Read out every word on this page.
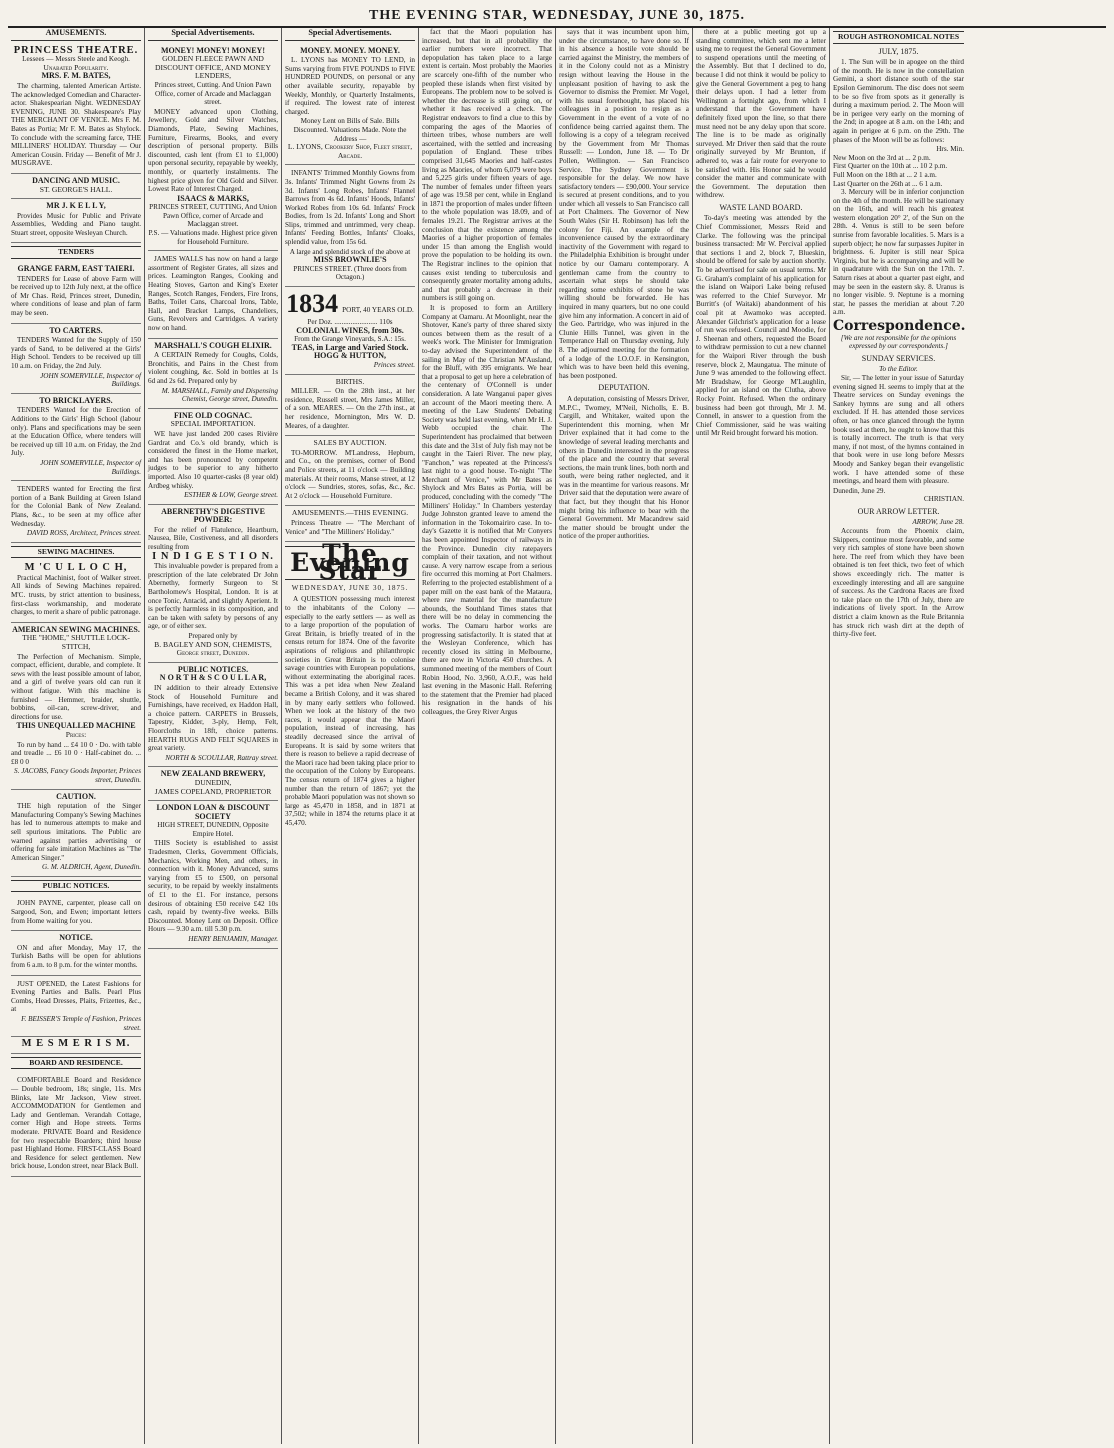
THE EVENING STAR, WEDNESDAY, JUNE 30, 1875.
AMUSEMENTS.
PRINCESS THEATRE.
Lessees — Messrs Steele and Keogh.
Unabated Popularity.
MRS. F. M. BATES,

The charming, talented American Artiste. The acknowledged Comedian and Character-actor. Shakespearian Night. WEDNESDAY EVENING, JUNE 30. Shakespeare's Play THE MERCHANT OF VENICE. Mrs F. M. Bates as Portia; Mr F. M. Bates as Shylock. To conclude with the screaming farce, THE MILLINERS' HOLIDAY. Thursday — Our American Cousin. Friday — Benefit of Mr J. MUSGRAVE.

DANCING AND MUSIC.
ST. GEORGE'S HALL.
MR J. K E L L Y,

Provides Music for Public and Private Assemblies, Wedding and Piano taught. Stuart street, opposite Wesleyan Church.

TENDERS
GRANGE FARM, EAST TAIERI.

TENDERS for Lease of above Farm will be received up to 12th July next, at the office of Mr Chas. Reid, Princes street, Dunedin, where conditions of lease and plan of farm may be seen.

TO CARTERS.

TENDERS Wanted for the Supply of 150 yards of Sand, to be delivered at the Girls' High School. Tenders to be received up till 10 a.m. on Friday, the 2nd July.

JOHN SOMERVILLE, Inspector of Buildings.
TO BRICKLAYERS.

TENDERS Wanted for the Erection of Additions to the Girls' High School (labour only). Plans and specifications may be seen at the Education Office, where tenders will be received up till 10 a.m. on Friday, the 2nd July.

JOHN SOMERVILLE, Inspector of Buildings.

TENDERS wanted for Erecting the first portion of a Bank Building at Green Island for the Colonial Bank of New Zealand. Plans, &c., to be seen at my office after Wednesday.

DAVID ROSS, Architect, Princes street.
SEWING MACHINES.
M 'C U L L O C H,

Practical Machinist, foot of Walker street. All kinds of Sewing Machines repaired. M'C. trusts, by strict attention to business, first-class workmanship, and moderate charges, to merit a share of public patronage.

AMERICAN SEWING MACHINES.
THE "HOME," SHUTTLE LOCK-STITCH,

The Perfection of Mechanism. Simple, compact, efficient, durable, and complete. It sews with the least possible amount of labor, and a girl of twelve years old can run it without fatigue. With this machine is furnished — Hemmer, braider, shuttle, bobbins, oil-can, screw-driver, and directions for use.

THIS UNEQUALLED MACHINE
Prices:

To run by hand ... £4 10 0 · Do. with table and treadle ... £6 10 0 · Half-cabinet do. ... £8 0 0

S. JACOBS, Fancy Goods Importer, Princes street, Dunedin.
CAUTION.

THE high reputation of the Singer Manufacturing Company's Sewing Machines has led to numerous attempts to make and sell spurious imitations. The Public are warned against parties advertising or offering for sale imitation Machines as "The American Singer."

G. M. ALDRICH, Agent, Dunedin.
PUBLIC NOTICES.

JOHN PAYNE, carpenter, please call on Sargood, Son, and Ewen; important letters from Home waiting for you.

NOTICE.

ON and after Monday, May 17, the Turkish Baths will be open for ablutions from 6 a.m. to 8 p.m. for the winter months.

JUST OPENED, the Latest Fashions for Evening Parties and Balls. Pearl Plus Combs, Head Dresses, Plaits, Frizettes, &c., at

F. BEISSER'S Temple of Fashion, Princes street.
M E S M E R I S M.
BOARD AND RESIDENCE.

COMFORTABLE Board and Residence — Double bedroom, 18s; single, 11s. Mrs Blinks, late Mr Jackson, View street. ACCOMMODATION for Gentlemen and Lady and Gentleman. Verandah Cottage, corner High and Hope streets. Terms moderate. PRIVATE Board and Residence for two respectable Boarders; third house past Highland Home. FIRST-CLASS Board and Residence for select gentlemen. New brick house, London street, near Black Bull.

Special Advertisements.
MONEY! MONEY! MONEY!
GOLDEN FLEECE PAWN AND DISCOUNT OFFICE, AND MONEY LENDERS,
Princes street, Cutting. And Union Pawn Office, corner of Arcade and Maclaggan street.

MONEY advanced upon Clothing, Jewellery, Gold and Silver Watches, Diamonds, Plate, Sewing Machines, Furniture, Firearms, Books, and every description of personal property. Bills discounted, cash lent (from £1 to £1,000) upon personal security, repayable by weekly, monthly, or quarterly instalments. The highest price given for Old Gold and Silver. Lowest Rate of Interest Charged.

ISAACS & MARKS,
PRINCES STREET, CUTTING, And Union Pawn Office, corner of Arcade and Maclaggan street.
P.S. — Valuations made. Highest price given for Household Furniture.

JAMES WALLS has now on hand a large assortment of Register Grates, all sizes and prices. Leamington Ranges, Cooking and Heating Stoves, Garton and King's Exeter Ranges, Scotch Ranges, Fenders, Fire Irons, Baths, Toilet Cans, Charcoal Irons, Table, Hall, and Bracket Lamps, Chandeliers, Guns, Revolvers and Cartridges. A variety now on hand.

MARSHALL'S COUGH ELIXIR.

A CERTAIN Remedy for Coughs, Colds, Bronchitis, and Pains in the Chest from violent coughing, &c. Sold in bottles at 1s 6d and 2s 6d. Prepared only by

M. MARSHALL, Family and Dispensing Chemist, George street, Dunedin.
FINE OLD COGNAC.
SPECIAL IMPORTATION.

WE have just landed 200 cases Rivière Gardrat and Co.'s old brandy, which is considered the finest in the Home market, and has been pronounced by competent judges to be superior to any hitherto imported. Also 10 quarter-casks (8 year old) Ardbeg whisky.

ESTHER & LOW, George street.
ABERNETHY'S DIGESTIVE POWDER:

For the relief of Flatulence, Heartburn, Nausea, Bile, Costiveness, and all disorders resulting from

I N D I G E S T I O N.

This invaluable powder is prepared from a prescription of the late celebrated Dr John Abernethy, formerly Surgeon to St Bartholomew's Hospital, London. It is at once Tonic, Antacid, and slightly Aperient. It is perfectly harmless in its composition, and can be taken with safety by persons of any age, or of either sex.

Prepared only by
B. BAGLEY AND SON, CHEMISTS, George street, Dunedin.
PUBLIC NOTICES.
N O R T H & S C O U L L A R,

IN addition to their already Extensive Stock of Household Furniture and Furnishings, have received, ex Haddon Hall, a choice pattern. CARPETS in Brussels, Tapestry, Kidder, 3-ply, Hemp, Felt, Floorcloths in 18ft, choice patterns. HEARTH RUGS AND FELT SQUARES in great variety.

NORTH & SCOULLAR, Rattray street.
NEW ZEALAND BREWERY,
DUNEDIN,
JAMES COPELAND, PROPRIETOR
LONDON LOAN & DISCOUNT SOCIETY
HIGH STREET, DUNEDIN, Opposite Empire Hotel.

THIS Society is established to assist Tradesmen, Clerks, Government Officials, Mechanics, Working Men, and others, in connection with it. Money Advanced, sums varying from £5 to £500, on personal security, to be repaid by weekly instalments of £1 to the £1. For instance, persons desirous of obtaining £50 receive £42 10s cash, repaid by twenty-five weeks. Bills Discounted. Money Lent on Deposit. Office Hours — 9.30 a.m. till 5.30 p.m.

HENRY BENJAMIN, Manager.
Special Advertisements.
MONEY. MONEY. MONEY.

L. LYONS has MONEY TO LEND, in Sums varying from FIVE POUNDS to FIVE HUNDRED POUNDS, on personal or any other available security, repayable by Weekly, Monthly, or Quarterly Instalments, if required. The lowest rate of interest charged.

Money Lent on Bills of Sale. Bills Discounted. Valuations Made. Note the Address —
L. LYONS, Crookery Shop, Fleet street, Arcade.

INFANTS' Trimmed Monthly Gowns from 3s. Infants' Trimmed Night Gowns from 2s 3d. Infants' Long Robes, Infants' Flannel Barrows from 4s 6d. Infants' Hoods, Infants' Worked Robes from 10s 6d. Infants' Frock Bodies, from 1s 2d. Infants' Long and Short Slips, trimmed and untrimmed, very cheap. Infants' Feeding Bottles, Infants' Cloaks, splendid value, from 15s 6d.

A large and splendid stock of the above at
MISS BROWNLIE'S
PRINCES STREET. (Three doors from Octagon.)
1834 PORT, 40 YEARS OLD.
Per Doz. ........................ 110s
COLONIAL WINES, from 30s.
From the Grange Vineyards, S.A.: 15s.
TEAS, in Large and Varied Stock.
HOGG & HUTTON,
Princes street.
BIRTHS.

MILLER. — On the 28th inst., at her residence, Russell street, Mrs James Miller, of a son. MEARES. — On the 27th inst., at her residence, Mornington, Mrs W. D. Meares, of a daughter.

SALES BY AUCTION.

TO-MORROW. M'Landress, Hepburn, and Co., on the premises, corner of Bond and Police streets, at 11 o'clock — Building materials. At their rooms, Manse street, at 12 o'clock — Sundries, stores, sofas, &c., &c. At 2 o'clock — Household Furniture.

AMUSEMENTS.—THIS EVENING.

Princess Theatre — "The Merchant of Venice" and "The Milliners' Holiday."

The Evening Star
WEDNESDAY, JUNE 30, 1875.

A QUESTION possessing much interest to the inhabitants of the Colony — especially to the early settlers — as well as to a large proportion of the population of Great Britain, is briefly treated of in the census return for 1874. One of the favorite aspirations of religious and philanthropic societies in Great Britain is to colonise savage countries with European populations, without exterminating the aboriginal races. This was a pet idea when New Zealand became a British Colony, and it was shared in by many early settlers who followed. When we look at the history of the two races, it would appear that the Maori population, instead of increasing, has steadily decreased since the arrival of Europeans. It is said by some writers that there is reason to believe a rapid decrease of the Maori race had been taking place prior to the occupation of the Colony by Europeans. The census return of 1874 gives a higher number than the return of 1867; yet the probable Maori population was not shown so large as 45,470 in 1858, and in 1871 at 37,502; while in 1874 the returns place it at 45,470.

fact that the Maori population has increased, but that in all probability the earlier numbers were incorrect. That depopulation has taken place to a large extent is certain. Most probably the Maories are scarcely one-fifth of the number who peopled these islands when first visited by Europeans. The problem now to be solved is whether the decrease is still going on, or whether it has received a check. The Registrar endeavors to find a clue to this by comparing the ages of the Maories of thirteen tribes, whose numbers are well ascertained, with the settled and increasing population of England. These tribes comprised 31,645 Maories and half-castes living as Maories, of whom 6,079 were boys and 5,225 girls under fifteen years of age. The number of females under fifteen years of age was 19.58 per cent, while in England in 1871 the proportion of males under fifteen to the whole population was 18.09, and of females 19.21. The Registrar arrives at the conclusion that the existence among the Maories of a higher proportion of females under 15 than among the English would prove the population to be holding its own. The Registrar inclines to the opinion that causes exist tending to tuberculosis and consequently greater mortality among adults, and that probably a decrease in their numbers is still going on.

It is proposed to form an Artillery Company at Oamaru. At Moonlight, near the Shotover, Kane's party of three shared sixty ounces between them as the result of a week's work. The Minister for Immigration to-day advised the Superintendent of the sailing in May of the Christian M'Ausland, for the Bluff, with 395 emigrants. We hear that a proposal to get up here a celebration of the centenary of O'Connell is under consideration. A late Wanganui paper gives an account of the Maori meeting there. A meeting of the Law Students' Debating Society was held last evening, when Mr H. J. Webb occupied the chair. The Superintendent has proclaimed that between this date and the 31st of July fish may not be caught in the Taieri River. The new play, "Fanchon," was repeated at the Princess's last night to a good house. To-night "The Merchant of Venice," with Mr Bates as Shylock and Mrs Bates as Portia, will be produced, concluding with the comedy "The Milliners' Holiday." In Chambers yesterday Judge Johnston granted leave to amend the information in the Tokomairiro case. In to-day's Gazette it is notified that Mr Conyers has been appointed Inspector of railways in the Province. Dunedin city ratepayers complain of their taxation, and not without cause. A very narrow escape from a serious fire occurred this morning at Port Chalmers. Referring to the projected establishment of a paper mill on the east bank of the Mataura, where raw material for the manufacture abounds, the Southland Times states that there will be no delay in commencing the works. The Oamaru harbor works are progressing satisfactorily. It is stated that at the Wesleyan Conference, which has recently closed its sitting in Melbourne, there are now in Victoria 450 churches. A summoned meeting of the members of Court Robin Hood, No. 3,960, A.O.F., was held last evening in the Masonic Hall. Referring to the statement that the Premier had placed his resignation in the hands of his colleagues, the Grey River Argus

says that it was incumbent upon him, under the circumstance, to have done so. If in his absence a hostile vote should be carried against the Ministry, the members of it in the Colony could not as a Ministry resign without leaving the House in the unpleasant position of having to ask the Governor to dismiss the Premier. Mr Vogel, with his usual forethought, has placed his colleagues in a position to resign as a Government in the event of a vote of no confidence being carried against them. The following is a copy of a telegram received by the Government from Mr Thomas Russell: — London, June 18. — To Dr Pollen, Wellington. — San Francisco Service. The Sydney Government is responsible for the delay. We now have satisfactory tenders — £90,000. Your service is secured at present conditions, and to you under which all vessels to San Francisco call at Port Chalmers. The Governor of New South Wales (Sir H. Robinson) has left the colony for Fiji. An example of the inconvenience caused by the extraordinary inactivity of the Government with regard to the Philadelphia Exhibition is brought under notice by our Oamaru contemporary. A gentleman came from the country to ascertain what steps he should take regarding some exhibits of stone he was willing should be forwarded. He has inquired in many quarters, but no one could give him any information. A concert in aid of the Geo. Partridge, who was injured in the Clunie Hills Tunnel, was given in the Temperance Hall on Thursday evening, July 8. The adjourned meeting for the formation of a lodge of the I.O.O.F. in Kensington, which was to have been held this evening, has been postponed.

DEPUTATION.

A deputation, consisting of Messrs Driver, M.P.C., Twomey, M'Neil, Nicholls, E. B. Cargill, and Whitaker, waited upon the Superintendent this morning, when Mr Driver explained that it had come to the knowledge of several leading merchants and others in Dunedin interested in the progress of the place and the country that several sections, the main trunk lines, both north and south, were being rather neglected, and it was in the meantime for various reasons. Mr Driver said that the deputation were aware of that fact, but they thought that his Honor might bring his influence to bear with the General Government. Mr Macandrew said the matter should be brought under the notice of the proper authorities.

there at a public meeting got up a standing committee, which sent me a letter using me to request the General Government to suspend operations until the meeting of the Assembly. But that I declined to do, because I did not think it would be policy to give the General Government a peg to hang their delays upon. I had a letter from Wellington a fortnight ago, from which I understand that the Government have definitely fixed upon the line, so that there must need not be any delay upon that score. The line is to be made as originally surveyed. Mr Driver then said that the route originally surveyed by Mr Brunton, if adhered to, was a fair route for everyone to be satisfied with. His Honor said he would consider the matter and communicate with the Government. The deputation then withdrew.

WASTE LAND BOARD.

To-day's meeting was attended by the Chief Commissioner, Messrs Reid and Clarke. The following was the principal business transacted: Mr W. Percival applied that sections 1 and 2, block 7, Blueskin, should be offered for sale by auction shortly. To be advertised for sale on usual terms. Mr G. Graham's complaint of his application for the island on Waipori Lake being refused was referred to the Chief Surveyor. Mr Burritt's (of Waitaki) abandonment of his coal pit at Awamoko was accepted. Alexander Gilchrist's application for a lease of run was refused. Council and Moodie, for J. Sheenan and others, requested the Board to withdraw permission to cut a new channel for the Waipori River through the bush reserve, block 2, Maungatua. The minute of June 9 was amended to the following effect. Mr Bradshaw, for George M'Laughlin, applied for an island on the Clutha, above Rocky Point. Refused. When the ordinary business had been got through, Mr J. M. Connell, in answer to a question from the Chief Commissioner, said he was waiting until Mr Reid brought forward his motion.

ROUGH ASTRONOMICAL NOTES
JULY, 1875.

1. The Sun will be in apogee on the third of the month. He is now in the constellation Gemini, a short distance south of the star Epsilon Geminorum. The disc does not seem to be so five from spots as it generally is during a maximum period. 2. The Moon will be in perigee very early on the morning of the 2nd; in apogee at 8 a.m. on the 14th; and again in perigee at 6 p.m. on the 29th. The phases of the Moon will be as follows:

Hrs. Min.
New Moon on the 3rd at ... 2 p.m.
First Quarter on the 10th at ... 10 2 p.m.
Full Moon on the 18th at ... 2 1 a.m.
Last Quarter on the 26th at ... 6 1 a.m.

3. Mercury will be in inferior conjunction on the 4th of the month. He will be stationary on the 16th, and will reach his greatest western elongation 20° 2', of the Sun on the 28th. 4. Venus is still to be seen before sunrise from favorable localities. 5. Mars is a superb object; he now far surpasses Jupiter in brightness. 6. Jupiter is still near Spica Virginis, but he is accompanying and will be in quadrature with the Sun on the 17th. 7. Saturn rises at about a quarter past eight, and may be seen in the eastern sky. 8. Uranus is no longer visible. 9. Neptune is a morning star, he passes the meridian at about 7.20 a.m.

Correspondence.
[We are not responsible for the opinions expressed by our correspondents.]
SUNDAY SERVICES.
To the Editor.

Sir, — The letter in your issue of Saturday evening signed H. seems to imply that at the Theatre services on Sunday evenings the Sankey hymns are sung and all others excluded. If H. has attended those services often, or has once glanced through the hymn book used at them, he ought to know that this is totally incorrect. The truth is that very many, if not most, of the hymns contained in that book were in use long before Messrs Moody and Sankey began their evangelistic work. I have attended some of these meetings, and heard them with pleasure.

Dunedin, June 29.
CHRISTIAN.
OUR ARROW LETTER.
ARROW, June 28.

Accounts from the Phoenix claim, Skippers, continue most favorable, and some very rich samples of stone have been shown here. The reef from which they have been obtained is ten feet thick, two feet of which shows exceedingly rich. The matter is exceedingly interesting and all are sanguine of success. As the Cardrona Races are fixed to take place on the 17th of July, there are indications of lively sport. In the Arrow district a claim known as the Rule Britannia has struck rich wash dirt at the depth of thirty-five feet.
